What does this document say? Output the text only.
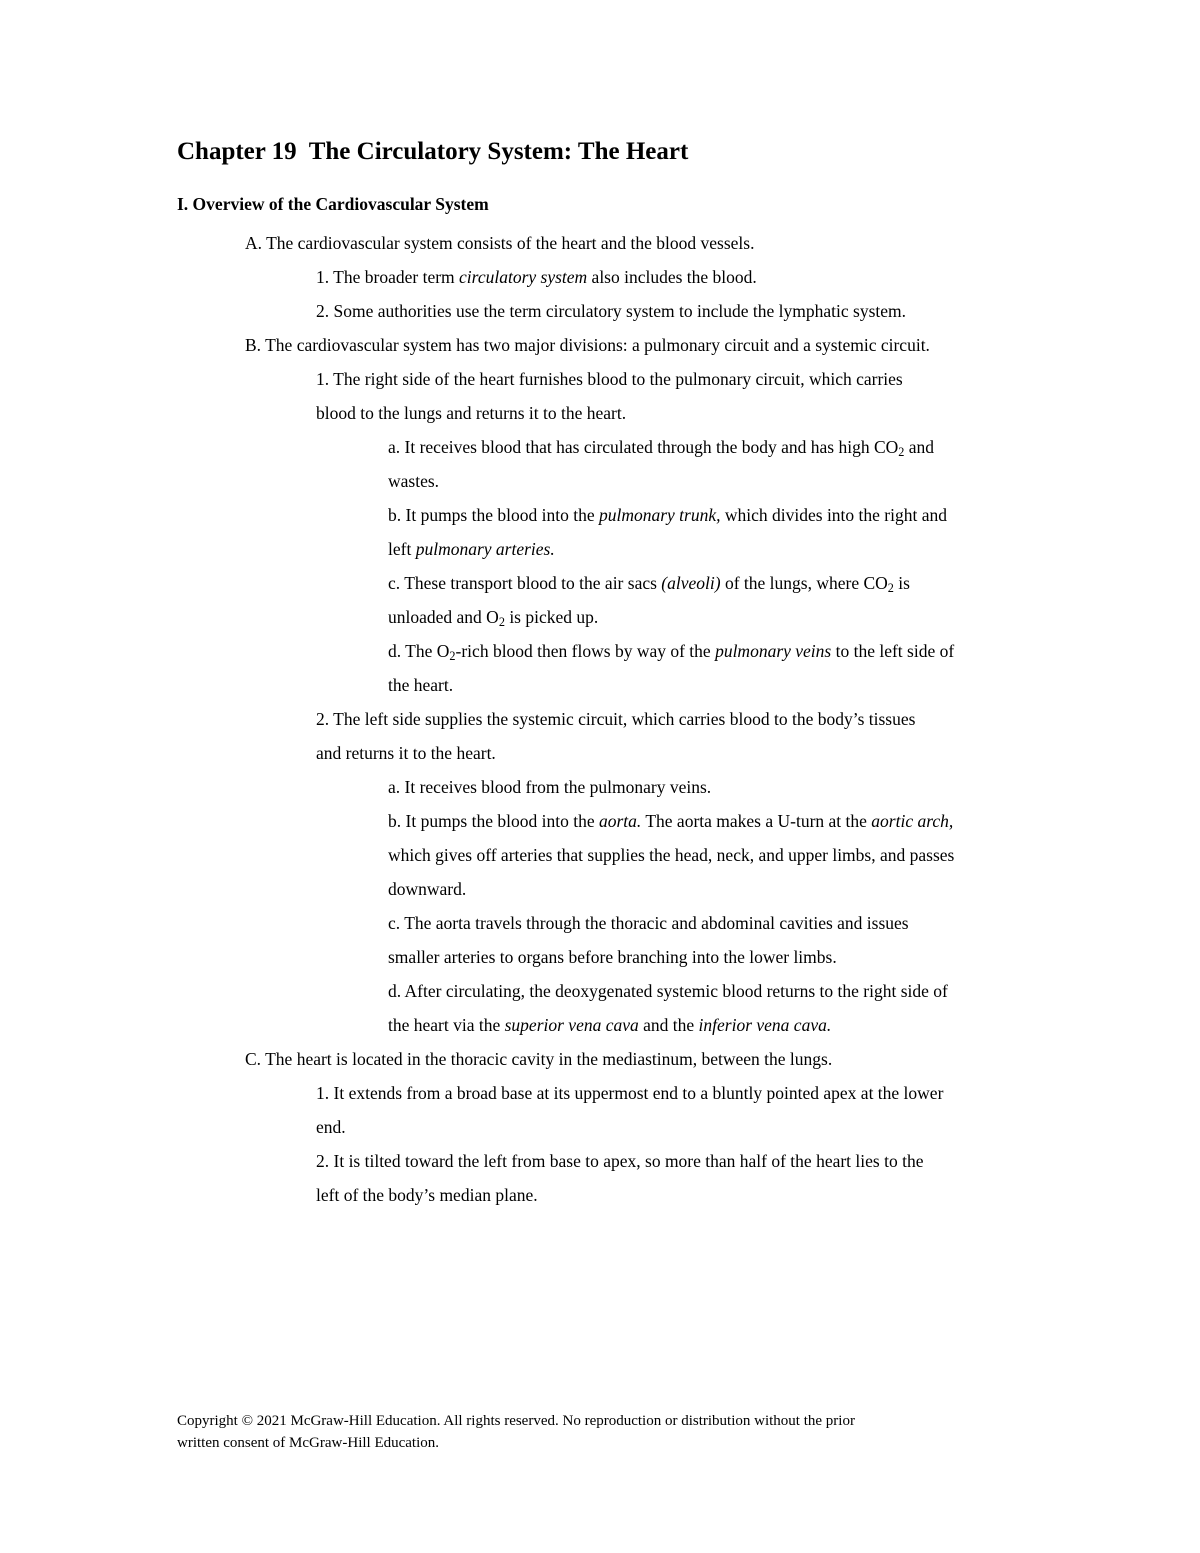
Chapter 19  The Circulatory System: The Heart
I. Overview of the Cardiovascular System
A. The cardiovascular system consists of the heart and the blood vessels.
1. The broader term circulatory system also includes the blood.
2. Some authorities use the term circulatory system to include the lymphatic system.
B. The cardiovascular system has two major divisions: a pulmonary circuit and a systemic circuit.
1. The right side of the heart furnishes blood to the pulmonary circuit, which carries
blood to the lungs and returns it to the heart.
a. It receives blood that has circulated through the body and has high $CO_2$ and
wastes.
b. It pumps the blood into the pulmonary trunk, which divides into the right and
left pulmonary arteries.
c. These transport blood to the air sacs (alveoli) of the lungs, where $CO_2$ is
unloaded and $O_2$ is picked up.
d. The $O_2$-rich blood then flows by way of the pulmonary veins to the left side of
the heart.
2. The left side supplies the systemic circuit, which carries blood to the body’s tissues
and returns it to the heart.
a. It receives blood from the pulmonary veins.
b. It pumps the blood into the aorta. The aorta makes a U-turn at the aortic arch,
which gives off arteries that supplies the head, neck, and upper limbs, and passes
downward.
c. The aorta travels through the thoracic and abdominal cavities and issues
smaller arteries to organs before branching into the lower limbs.
d. After circulating, the deoxygenated systemic blood returns to the right side of
the heart via the superior vena cava and the inferior vena cava.
C. The heart is located in the thoracic cavity in the mediastinum, between the lungs.
1. It extends from a broad base at its uppermost end to a bluntly pointed apex at the lower
end.
2. It is tilted toward the left from base to apex, so more than half of the heart lies to the
left of the body’s median plane.
Copyright © 2021 McGraw-Hill Education. All rights reserved. No reproduction or distribution without the prior
written consent of McGraw-Hill Education.
